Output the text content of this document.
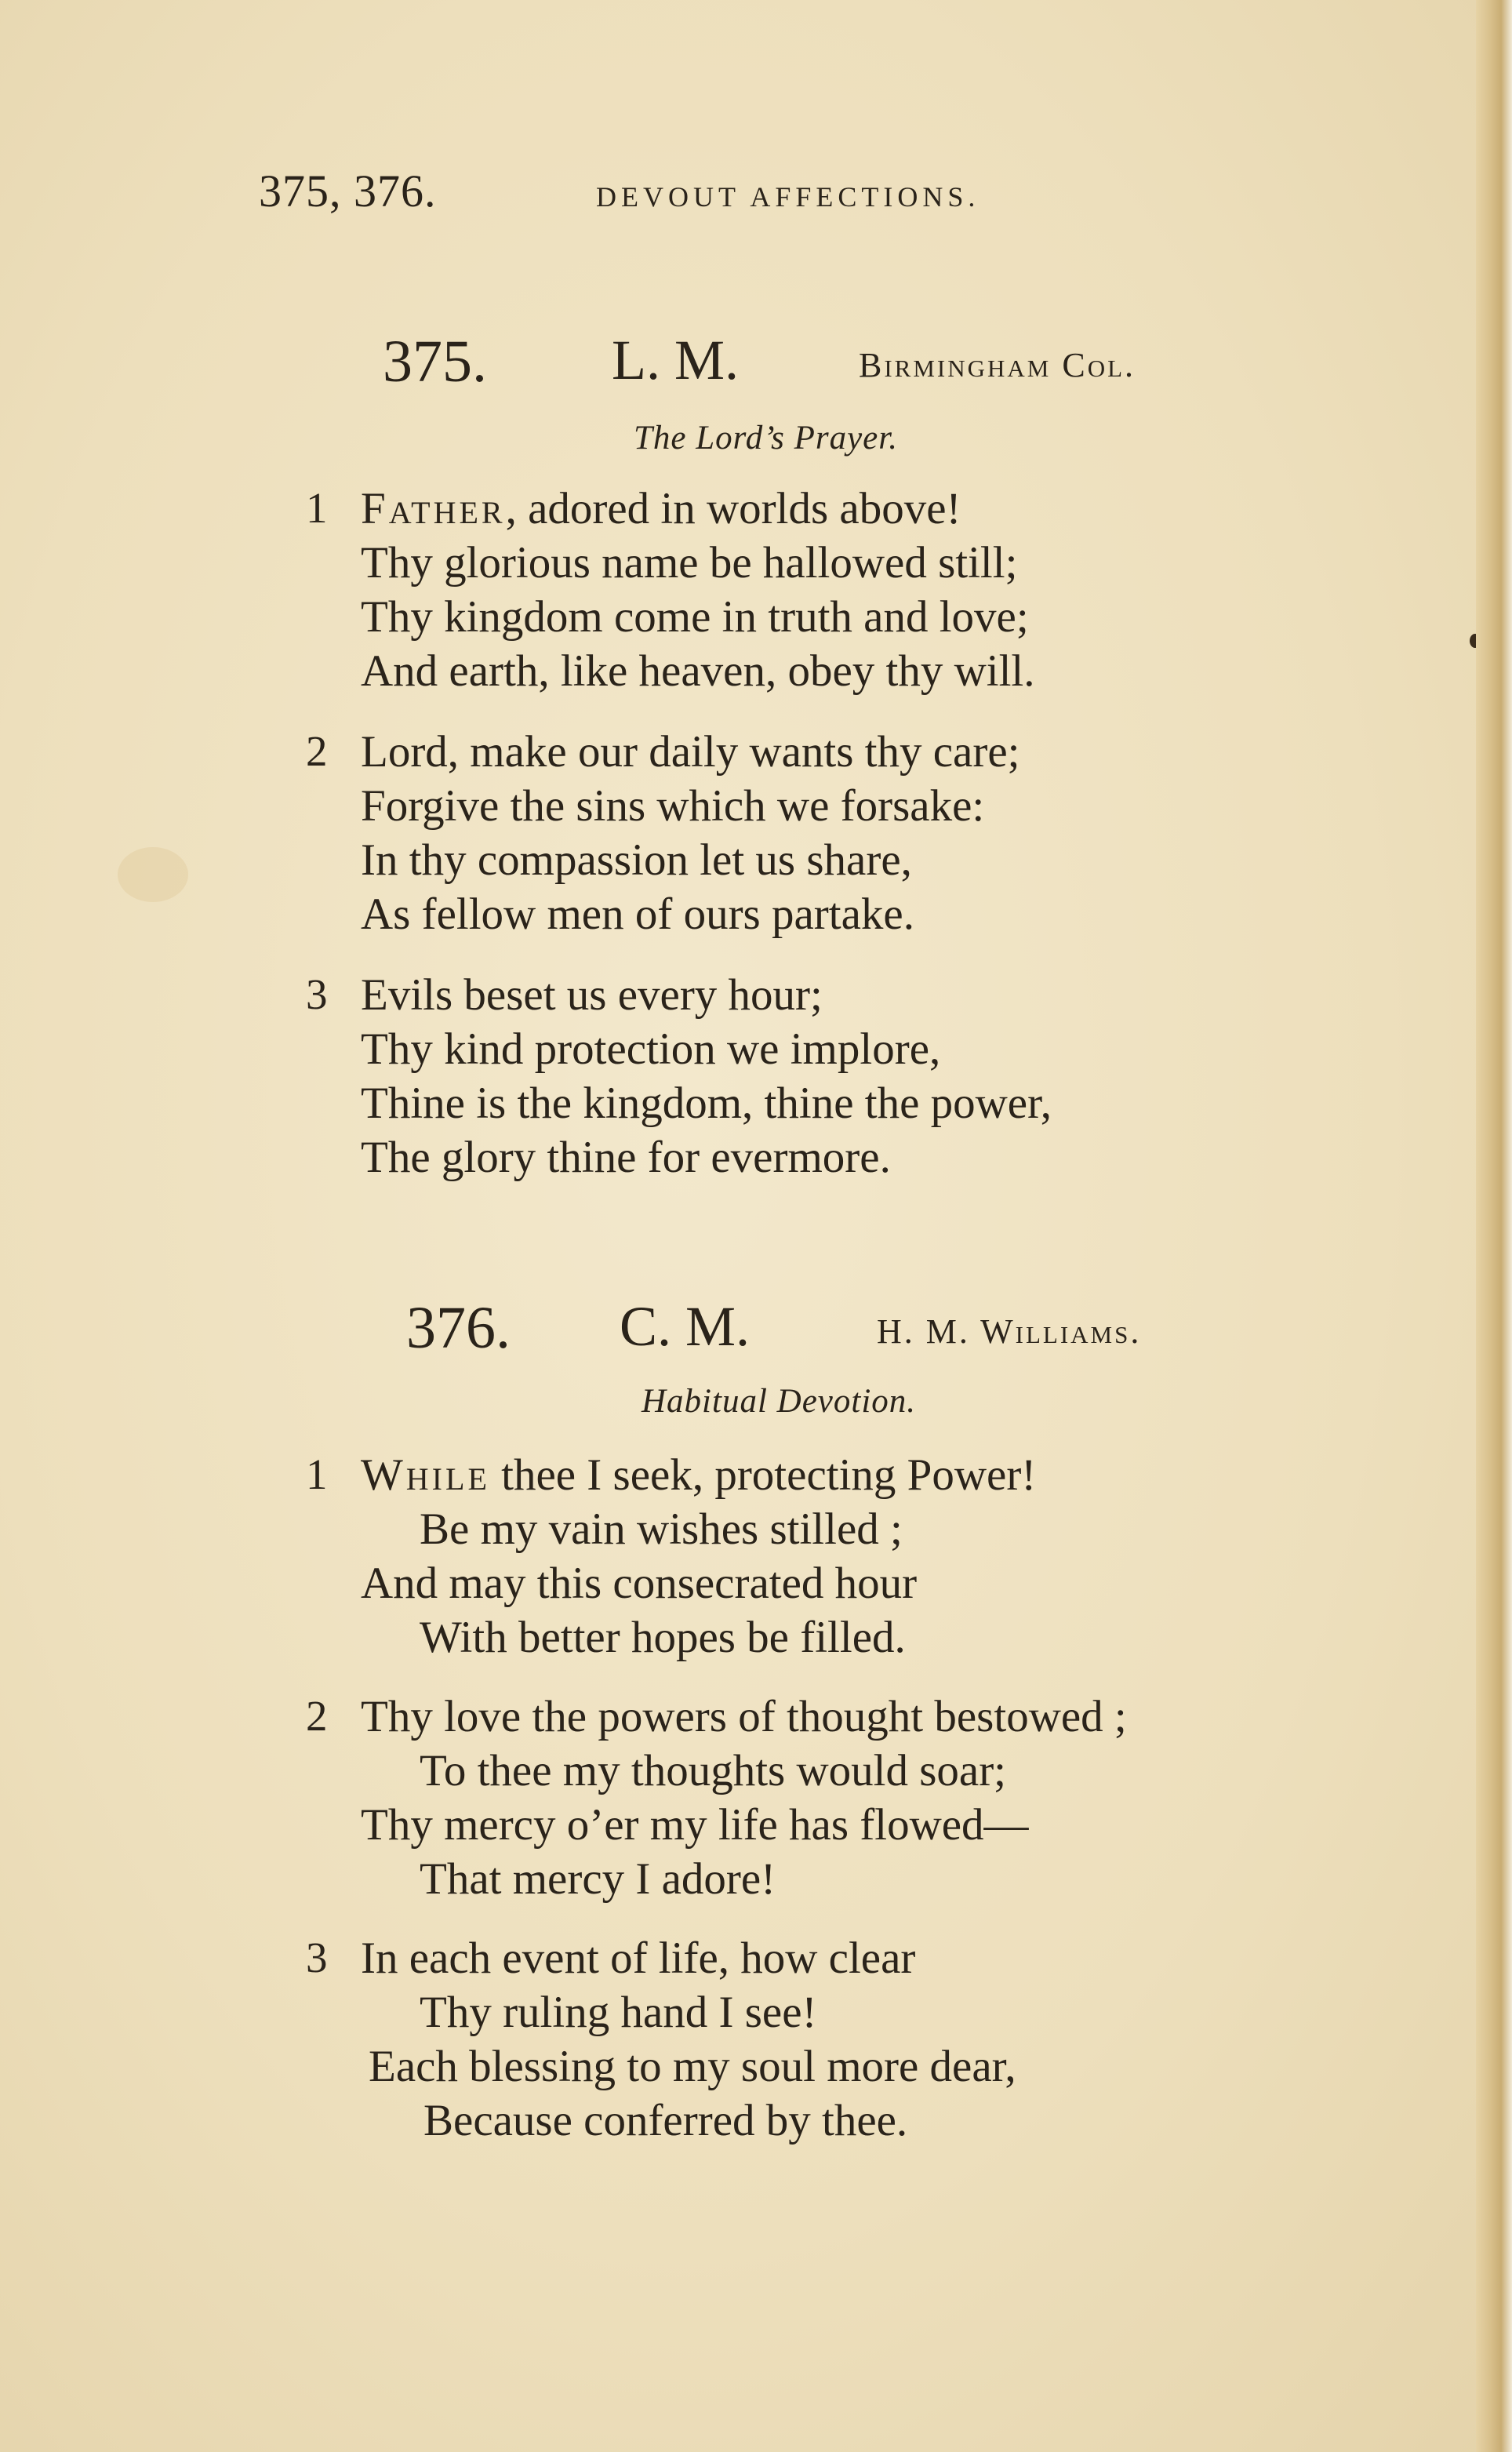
375, 376.	DEVOUT AFFECTIONS.
375. L. M.	Birmingham Col.
The Lord’s Prayer.
1 Father, adored in worlds above!
Thy glorious name be hallowed still;
Thy kingdom come in truth and love;
And earth, like heaven, obey thy will.
2 Lord, make our daily wants thy care;
Forgive the sins which we forsake:
In thy compassion let us share,
As fellow men of ours partake.
3 Evils beset us every hour;
Thy kind protection we implore,
Thine is the kingdom, thine the power,
The glory thine for evermore.
376. C. M.	H. M. Williams.
Habitual Devotion.
1 While thee I seek, protecting Power!
Be my vain wishes stilled ;
And may this consecrated hour
With better hopes be filled.
2 Thy love the powers of thought bestowed ;
To thee my thoughts would soar;
Thy mercy o’er my life has flowed—
That mercy I adore!
3 In each event of life, how clear
Thy ruling hand I see!
Each blessing to my soul more dear,
Because conferred by thee.
